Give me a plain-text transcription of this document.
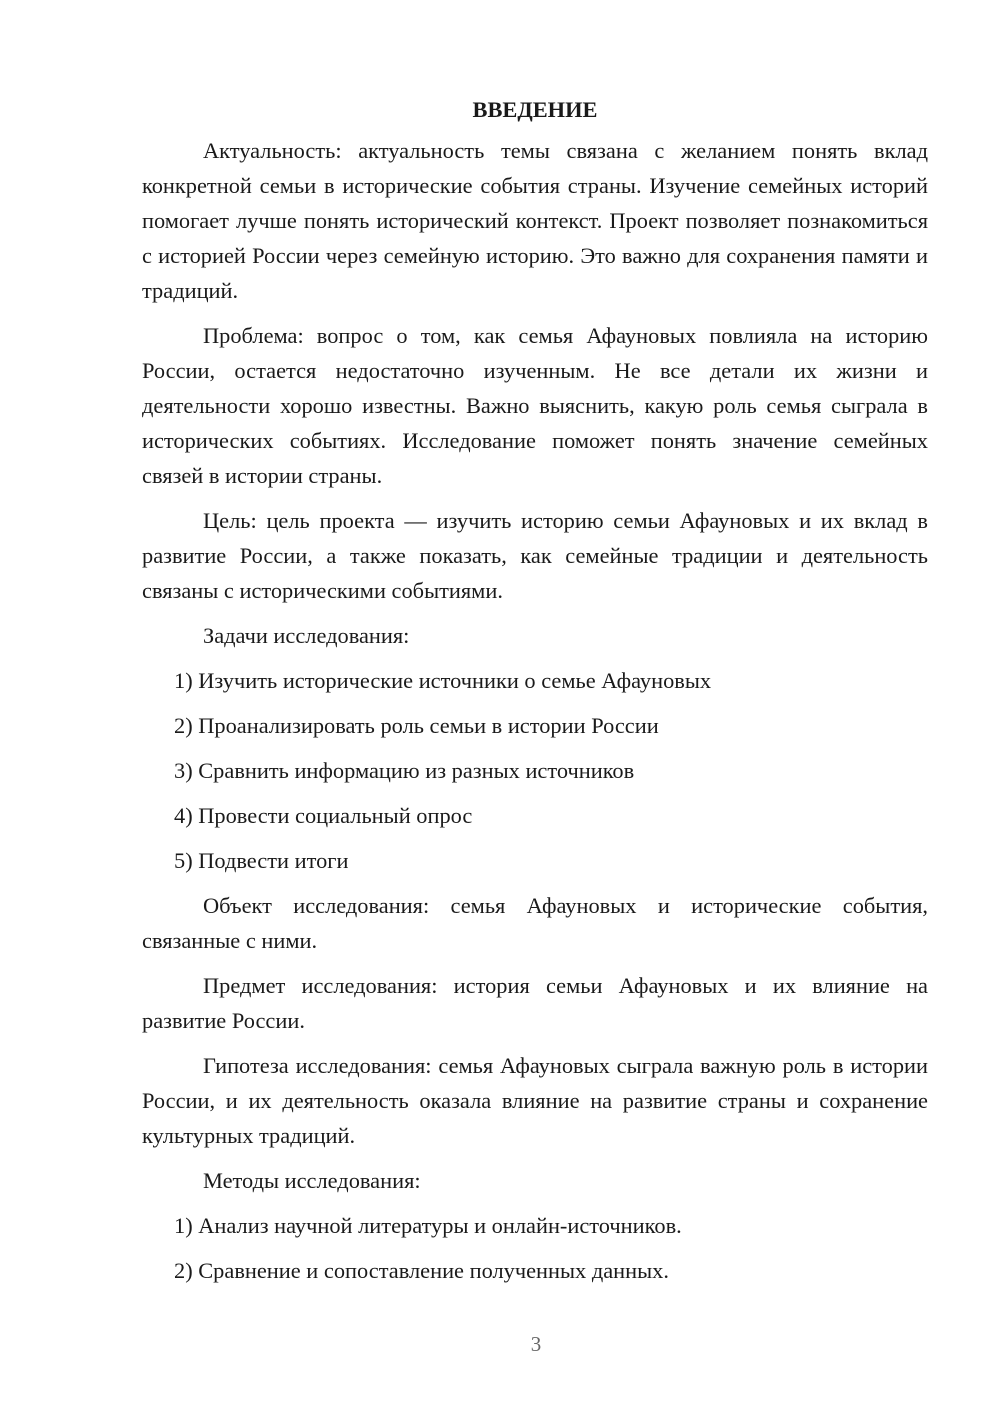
ВВЕДЕНИЕ
Актуальность: актуальность темы связана с желанием понять вклад конкретной семьи в исторические события страны. Изучение семейных историй помогает лучше понять исторический контекст. Проект позволяет познакомиться с историей России через семейную историю. Это важно для сохранения памяти и традиций.
Проблема: вопрос о том, как семья Афауновых повлияла на историю России, остается недостаточно изученным. Не все детали их жизни и деятельности хорошо известны. Важно выяснить, какую роль семья сыграла в исторических событиях. Исследование поможет понять значение семейных связей в истории страны.
Цель: цель проекта — изучить историю семьи Афауновых и их вклад в развитие России, а также показать, как семейные традиции и деятельность связаны с историческими событиями.
Задачи исследования:
1) Изучить исторические источники о семье Афауновых
2) Проанализировать роль семьи в истории России
3) Сравнить информацию из разных источников
4) Провести социальный опрос
5) Подвести итоги
Объект исследования: семья Афауновых и исторические события, связанные с ними.
Предмет исследования: история семьи Афауновых и их влияние на развитие России.
Гипотеза исследования: семья Афауновых сыграла важную роль в истории России, и их деятельность оказала влияние на развитие страны и сохранение культурных традиций.
Методы исследования:
1) Анализ научной литературы и онлайн-источников.
2) Сравнение и сопоставление полученных данных.
3
